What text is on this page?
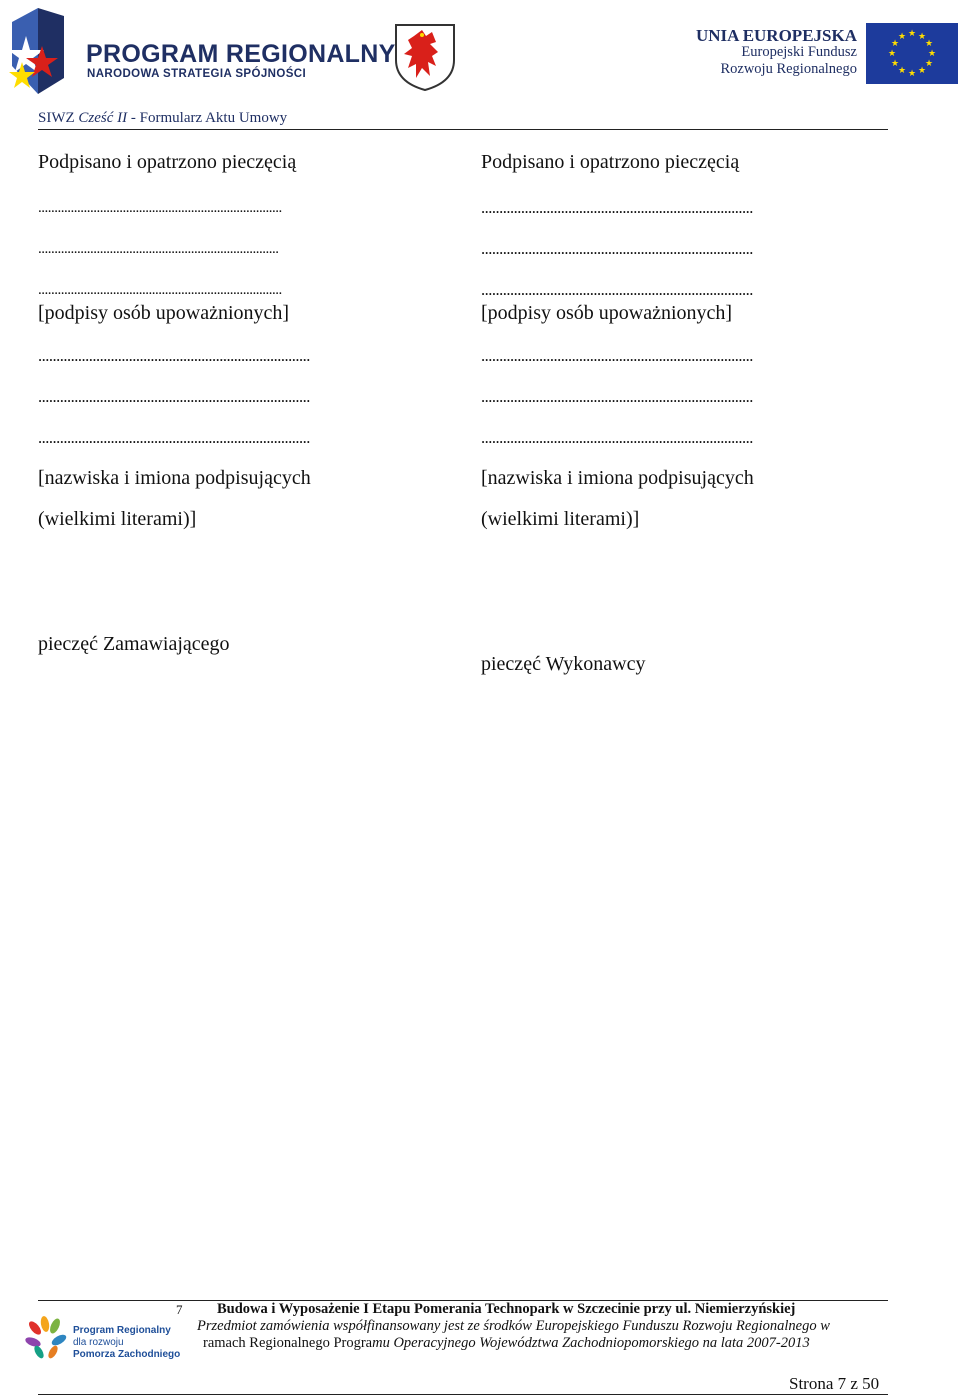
PROGRAM REGIONALNY
NARODOWA STRATEGIA SPÓJNOŚCI
UNIA EUROPEJSKA
Europejski Fundusz
Rozwoju Regionalnego
★ ★
★
★
★
★
★
★
★
★
★
★
SIWZ Cześć II - Formularz Aktu Umowy
Podpisano i opatrzono pieczęcią
...........................................................................
..........................................................................
...........................................................................
[podpisy osób upoważnionych]
...........................................................................
...........................................................................
...........................................................................
[nazwiska i imiona podpisujących
(wielkimi literami)]
Podpisano i opatrzono pieczęcią
...........................................................................
...........................................................................
...........................................................................
[podpisy osób upoważnionych]
...........................................................................
...........................................................................
...........................................................................
[nazwiska i imiona podpisujących
(wielkimi literami)]
pieczęć Zamawiającego
pieczęć Wykonawcy
7 Budowa i Wyposażenie I Etapu Pomerania Technopark w Szczecinie przy ul. Niemierzyński​ej
Przedmiot zamówienia współfinansowany jest ze środków Europejskiego Funduszu Rozwoju Regionalnego w
ramach Regionalnego Programu Operacyjnego Województwa Zachodniopomorskiego na lata 2007-2013
Program Regionalny
dla rozwoju
Pomorza Zachodniego
Strona 7 z 50
